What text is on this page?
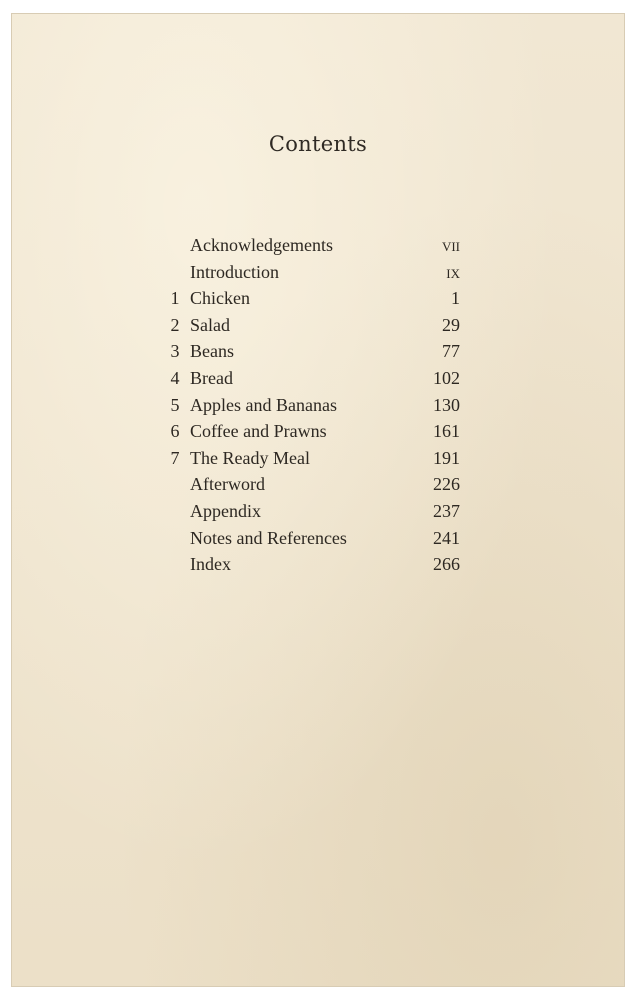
Contents
Acknowledgements	vii
Introduction	ix
1 Chicken	1
2 Salad	29
3 Beans	77
4 Bread	102
5 Apples and Bananas	130
6 Coffee and Prawns	161
7 The Ready Meal	191
Afterword	226
Appendix	237
Notes and References	241
Index	266
